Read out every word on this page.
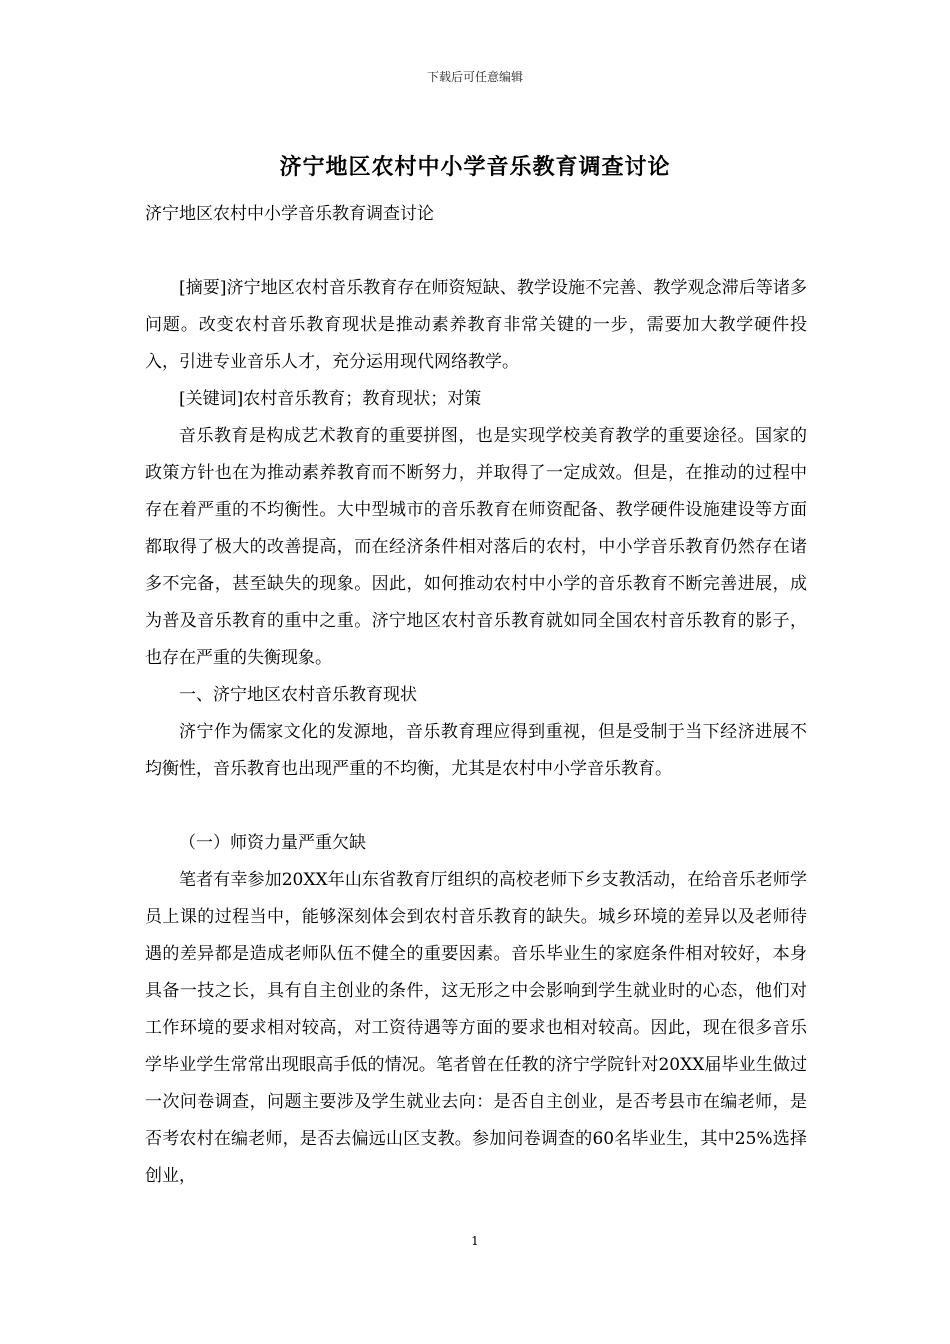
下载后可任意编辑
济宁地区农村中小学音乐教育调查讨论

济宁地区农村中小学音乐教育调查讨论

[摘要]济宁地区农村音乐教育存在师资短缺、教学设施不完善、教学观念滞后等诸多问题。改变农村音乐教育现状是推动素养教育非常关键的一步，需要加大教学硬件投入，引进专业音乐人才，充分运用现代网络教学。

[关键词]农村音乐教育；教育现状；对策

音乐教育是构成艺术教育的重要拼图，也是实现学校美育教学的重要途径。国家的政策方针也在为推动素养教育而不断努力，并取得了一定成效。但是，在推动的过程中存在着严重的不均衡性。大中型城市的音乐教育在师资配备、教学硬件设施建设等方面都取得了极大的改善提高，而在经济条件相对落后的农村，中小学音乐教育仍然存在诸多不完备，甚至缺失的现象。因此，如何推动农村中小学的音乐教育不断完善进展，成为普及音乐教育的重中之重。济宁地区农村音乐教育就如同全国农村音乐教育的影子，也存在严重的失衡现象。

一、济宁地区农村音乐教育现状

济宁作为儒家文化的发源地，音乐教育理应得到重视，但是受制于当下经济进展不均衡性，音乐教育也出现严重的不均衡，尤其是农村中小学音乐教育。

（一）师资力量严重欠缺

笔者有幸参加20XX年山东省教育厅组织的高校老师下乡支教活动，在给音乐老师学员上课的过程当中，能够深刻体会到农村音乐教育的缺失。城乡环境的差异以及老师待遇的差异都是造成老师队伍不健全的重要因素。音乐毕业生的家庭条件相对较好，本身具备一技之长，具有自主创业的条件，这无形之中会影响到学生就业时的心态，他们对工作环境的要求相对较高，对工资待遇等方面的要求也相对较高。因此，现在很多音乐学毕业学生常常出现眼高手低的情况。笔者曾在任教的济宁学院针对20XX届毕业生做过一次问卷调查，问题主要涉及学生就业去向：是否自主创业，是否考县市在编老师，是否考农村在编老师，是否去偏远山区支教。参加问卷调查的60名毕业生，其中25%选择创业，

1
